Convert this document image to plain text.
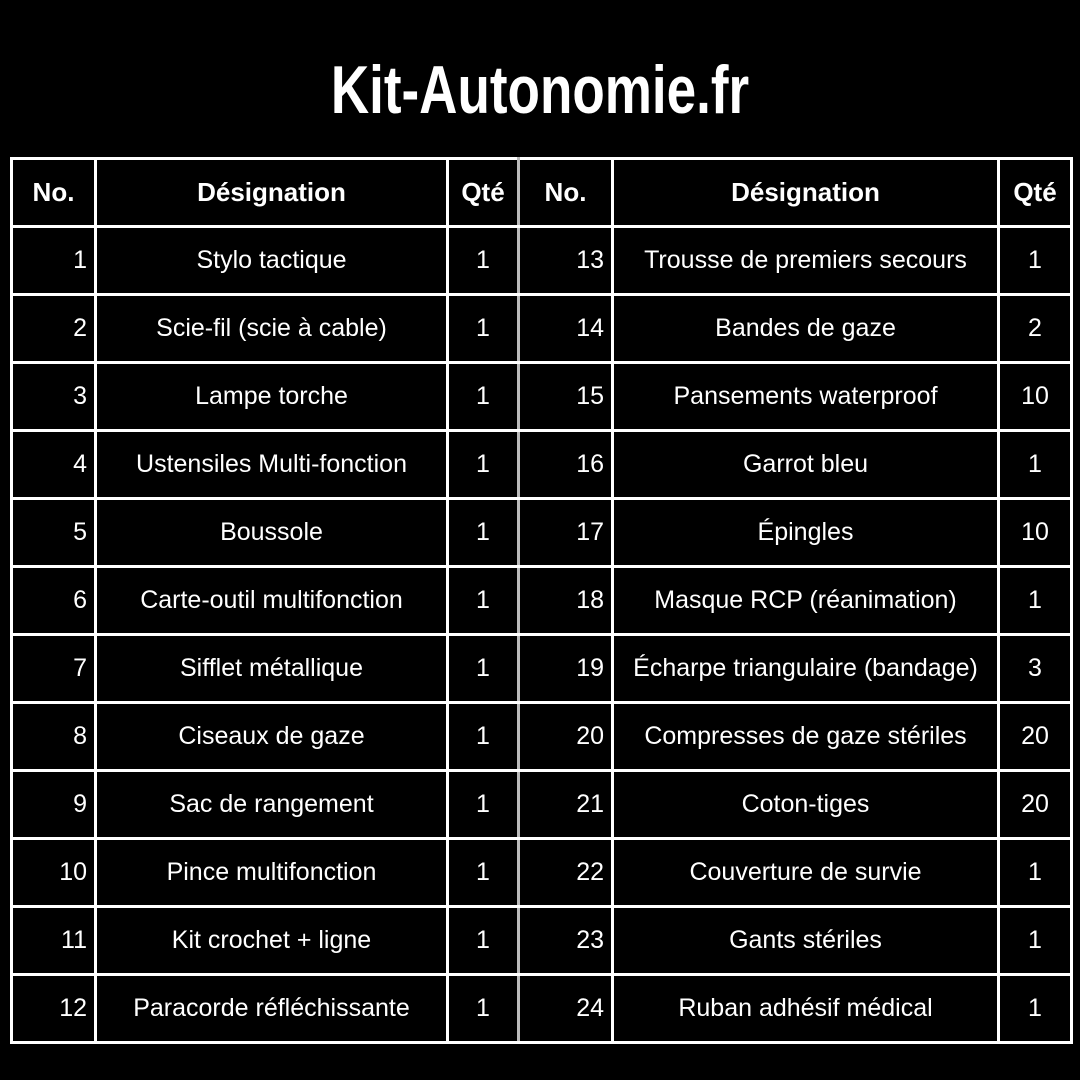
Kit-Autonomie.fr
No.	Désignation	Qté	No.	Désignation	Qté
1	Stylo tactique	1	13	Trousse de premiers secours	1
2	Scie-fil (scie à cable)	1	14	Bandes de gaze	2
3	Lampe torche	1	15	Pansements waterproof	10
4	Ustensiles Multi-fonction	1	16	Garrot bleu	1
5	Boussole	1	17	Épingles	10
6	Carte-outil multifonction	1	18	Masque RCP (réanimation)	1
7	Sifflet métallique	1	19	Écharpe triangulaire (bandage)	3
8	Ciseaux de gaze	1	20	Compresses de gaze stériles	20
9	Sac de rangement	1	21	Coton-tiges	20
10	Pince multifonction	1	22	Couverture de survie	1
11	Kit crochet + ligne	1	23	Gants stériles	1
12	Paracorde réfléchissante	1	24	Ruban adhésif médical	1
